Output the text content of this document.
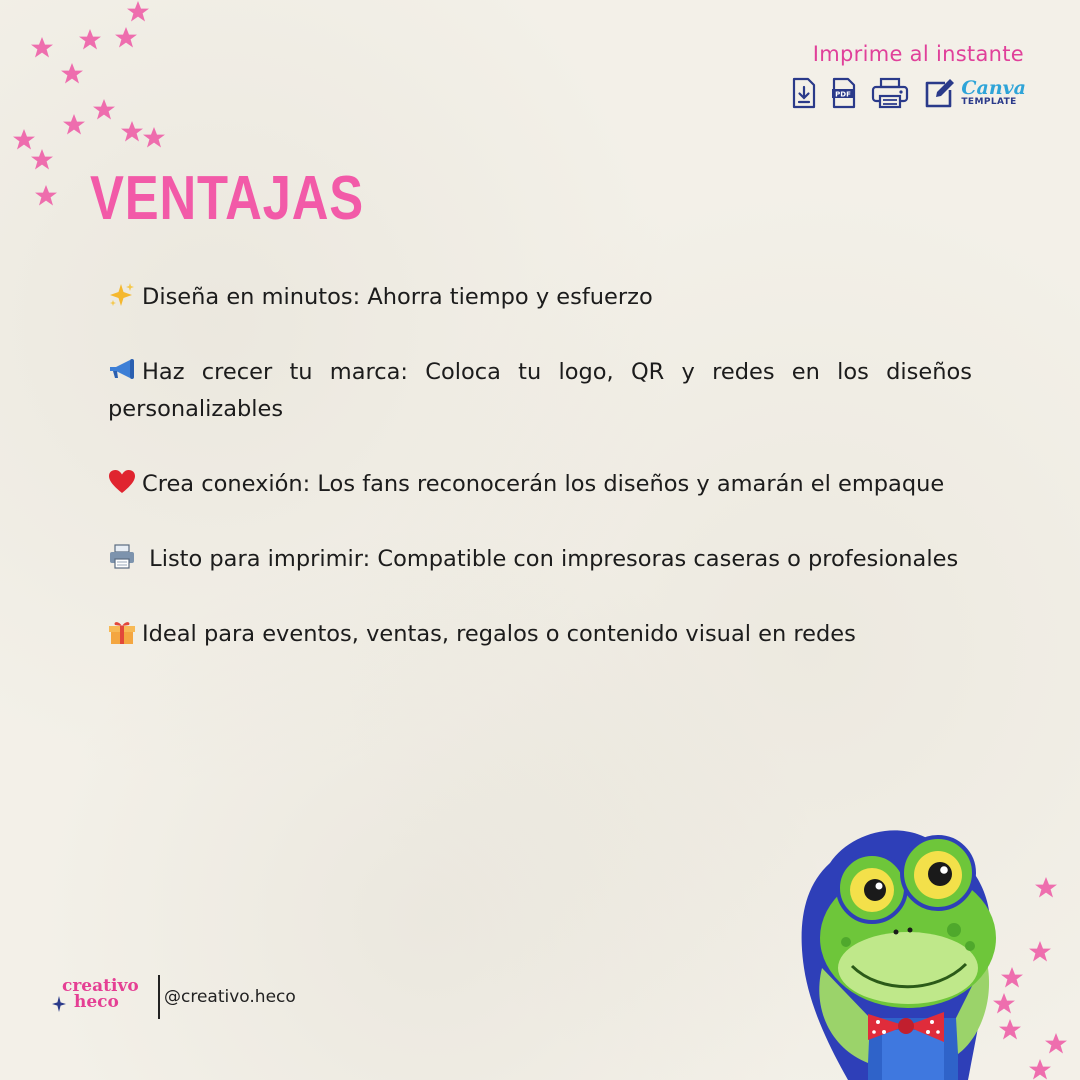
Imprime al instante
PDF	Canva
TEMPLATE
VENTAJAS

Diseña en minutos: Ahorra tiempo y esfuerzo

Haz crecer tu marca: Coloca tu logo, QR y redes en los diseños personalizables

Crea conexión: Los fans reconocerán los diseños y amarán el empaque

Listo para imprimir: Compatible con impresoras caseras o profesionales

Ideal para eventos, ventas, regalos o contenido visual en redes

creativo
heco	@creativo.heco
